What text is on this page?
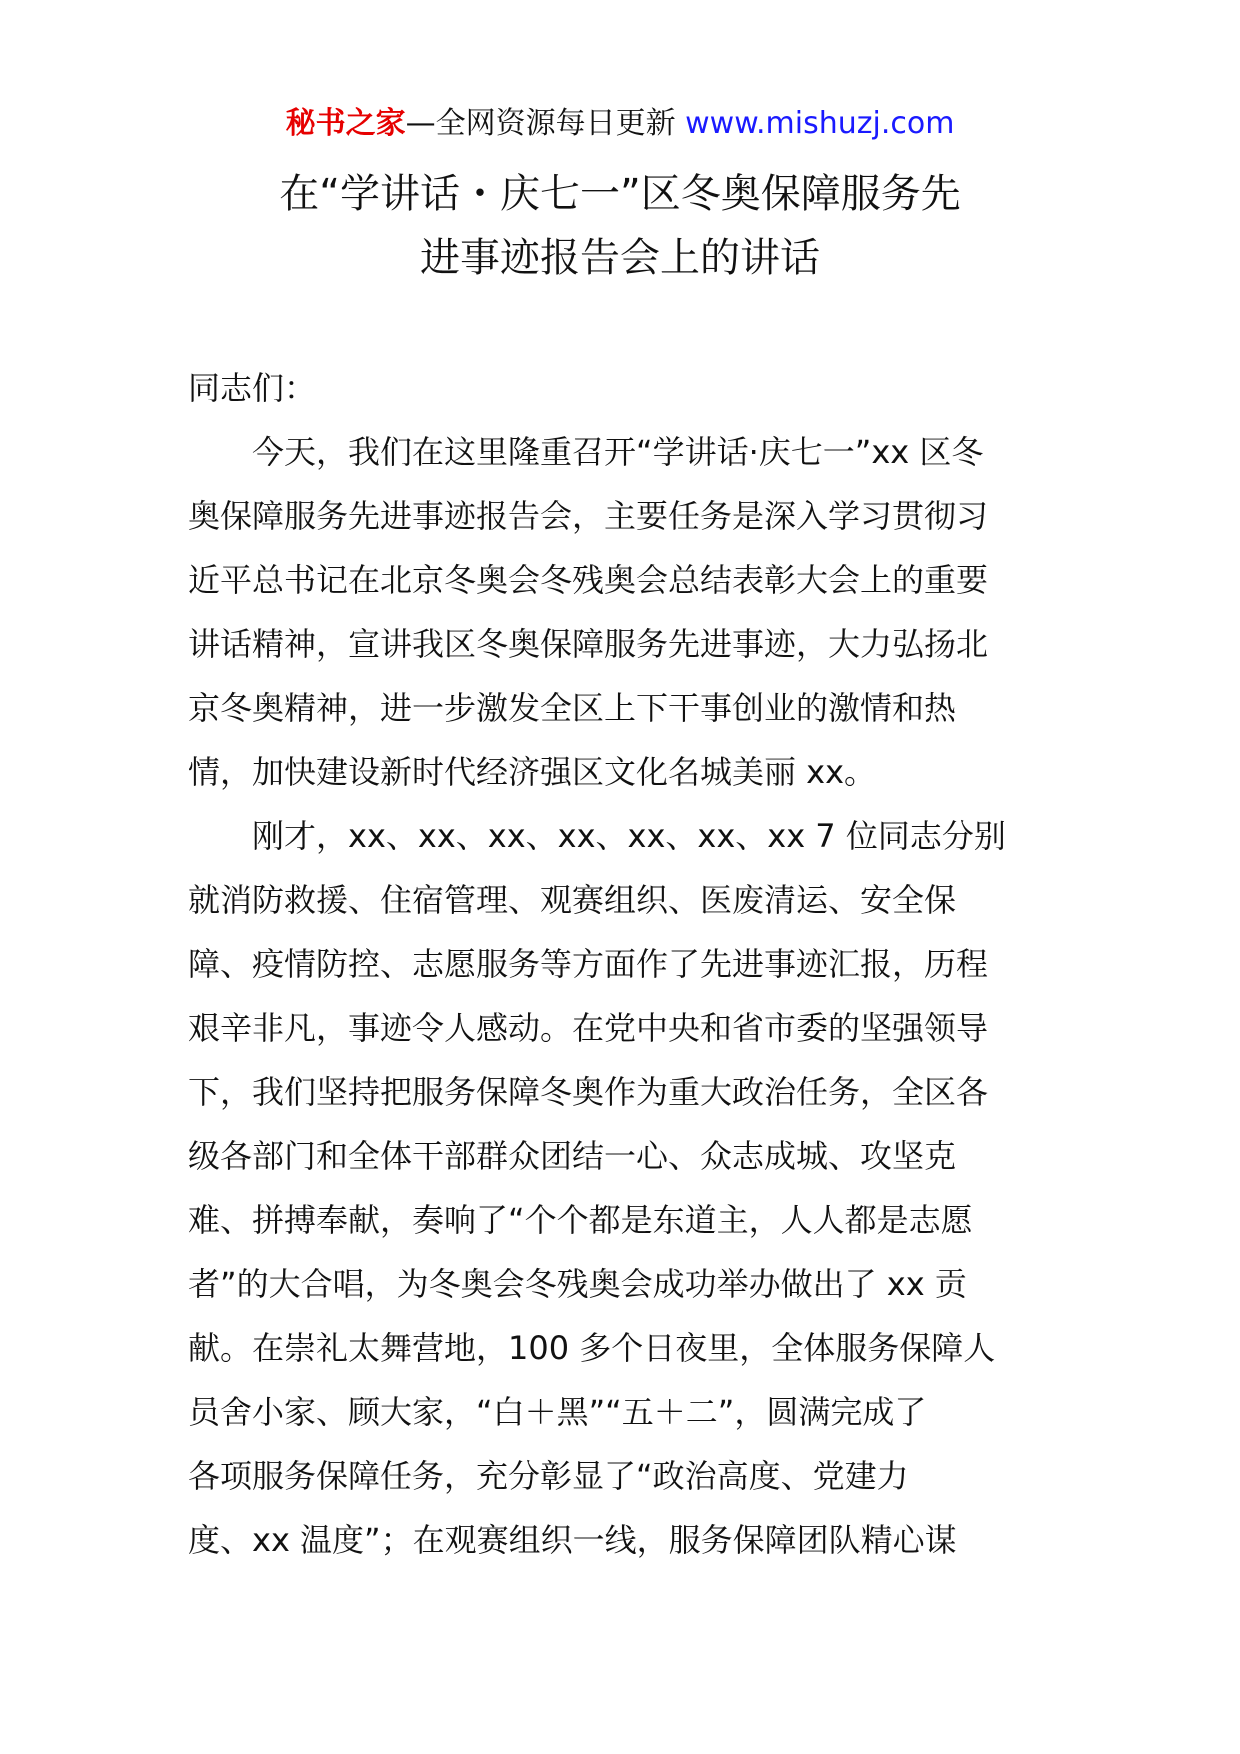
秘书之家—全网资源每日更新 www.mishuzj.com
在“学讲话・庆七一”区冬奥保障服务先
进事迹报告会上的讲话

同志们：

今天，我们在这里隆重召开“学讲话·庆七一”xx 区冬
奥保障服务先进事迹报告会，主要任务是深入学习贯彻习
近平总书记在北京冬奥会冬残奥会总结表彰大会上的重要
讲话精神，宣讲我区冬奥保障服务先进事迹，大力弘扬北
京冬奥精神，进一步激发全区上下干事创业的激情和热
情，加快建设新时代经济强区文化名城美丽 xx。

刚才，xx、xx、xx、xx、xx、xx、xx 7 位同志分别
就消防救援、住宿管理、观赛组织、医废清运、安全保
障、疫情防控、志愿服务等方面作了先进事迹汇报，历程
艰辛非凡，事迹令人感动。在党中央和省市委的坚强领导
下，我们坚持把服务保障冬奥作为重大政治任务，全区各
级各部门和全体干部群众团结一心、众志成城、攻坚克
难、拼搏奉献，奏响了“个个都是东道主，人人都是志愿
者”的大合唱，为冬奥会冬残奥会成功举办做出了 xx 贡
献。在崇礼太舞营地，100 多个日夜里，全体服务保障人
员舍小家、顾大家，“白＋黑”“五＋二”，圆满完成了
各项服务保障任务，充分彰显了“政治高度、党建力
度、xx 温度”；在观赛组织一线，服务保障团队精心谋
